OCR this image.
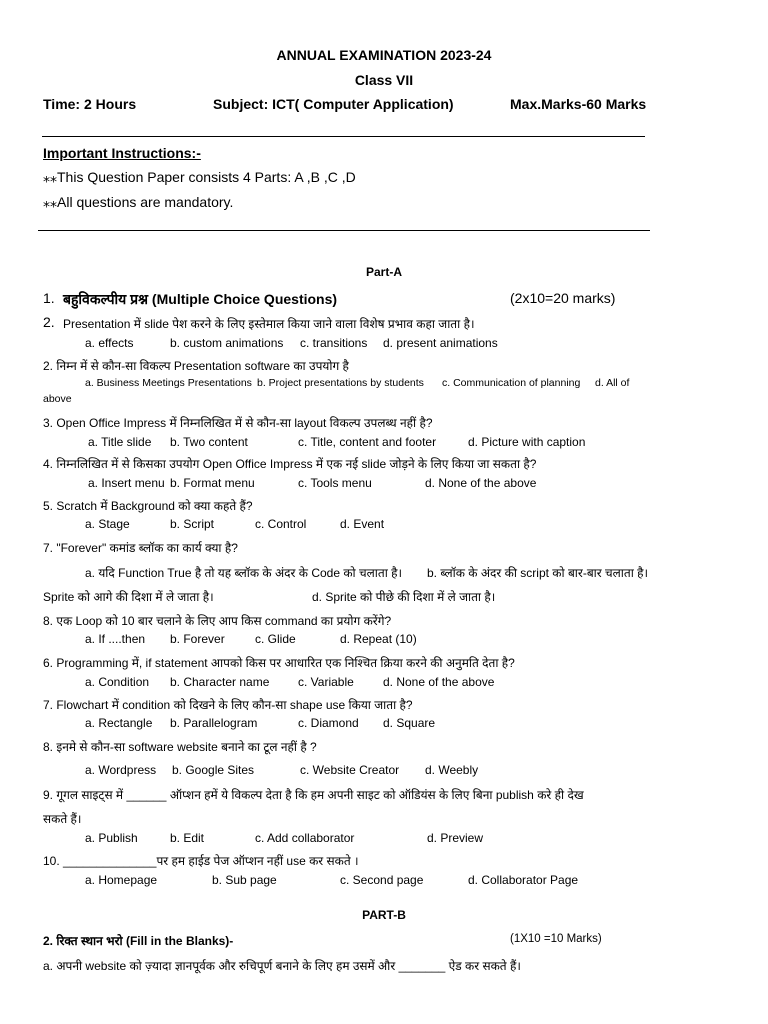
ANNUAL EXAMINATION 2023-24
Class VII
Time: 2 Hours	Subject: ICT( Computer Application)	Max.Marks-60 Marks
Important Instructions:-
⁎⁎This Question Paper consists 4 Parts: A ,B ,C ,D
⁎⁎All questions are mandatory.
Part-A
1. बहुविकल्पीय प्रश्न (Multiple Choice Questions)	(2x10=20 marks)
2. Presentation में slide पेश करने के लिए इस्तेमाल किया जाने वाला विशेष प्रभाव कहा जाता है।
a. effects	b. custom animations c. transitions d. present animations
2. निम्न में से कौन-सा विकल्प Presentation software का उपयोग है
a. Business Meetings Presentations b. Project presentations by students c. Communication of planning d. All of
above
3. Open Office Impress में निम्नलिखित में से कौन-सा layout विकल्प उपलब्ध नहीं है?
a. Title slide b. Two content	c. Title, content and footer	d. Picture with caption
4. निम्नलिखित में से किसका उपयोग Open Office Impress में एक नई slide जोड़ने के लिए किया जा सकता है?
a. Insert menu b. Format menu	c. Tools menu	d. None of the above
5. Scratch में Background को क्या कहते हैं?
a. Stage	b. Script	c. Control	d. Event
7. "Forever" कमांड ब्लॉक का कार्य क्या है?
a. यदि Function True है तो यह ब्लॉक के अंदर के Code को चलाता है। b. ब्लॉक के अंदर की script को बार-बार चलाता है।
Sprite को आगे की दिशा में ले जाता है।	d. Sprite को पीछे की दिशा में ले जाता है।
8. एक Loop को 10 बार चलाने के लिए आप किस command का प्रयोग करेंगे?
a. If ....then b. Forever	c. Glide	d. Repeat (10)
6. Programming में, if statement आपको किस पर आधारित एक निश्चित क्रिया करने की अनुमति देता है?
a. Condition b. Character name c. Variable d. None of the above
7. Flowchart में condition को दिखने के लिए कौन-सा shape use किया जाता है?
a. Rectangle b. Parallelogram	c. Diamond d. Square
8. इनमे से कौन-सा software website बनाने का टूल नहीं है ?
a. Wordpress b. Google Sites	c. Website Creator d. Weebly
9. गूगल साइट्स में ______ ऑप्शन हमें ये विकल्प देता है कि हम अपनी साइट को ऑडियंस के लिए बिना publish करे ही देख
सकते हैं।
a. Publish	b. Edit	c. Add collaborator	d. Preview
10. ______________पर हम हाईड पेज ऑप्शन नहीं use कर सकते ।
a. Homepage	b. Sub page	c. Second page	d. Collaborator Page
PART-B
2. रिक्त स्थान भरो (Fill in the Blanks)-	(1X10 =10 Marks)
a. अपनी website को ज़्यादा ज्ञानपूर्वक और रुचिपूर्ण बनाने के लिए हम उसमें और _______ ऐड कर सकते हैं।
